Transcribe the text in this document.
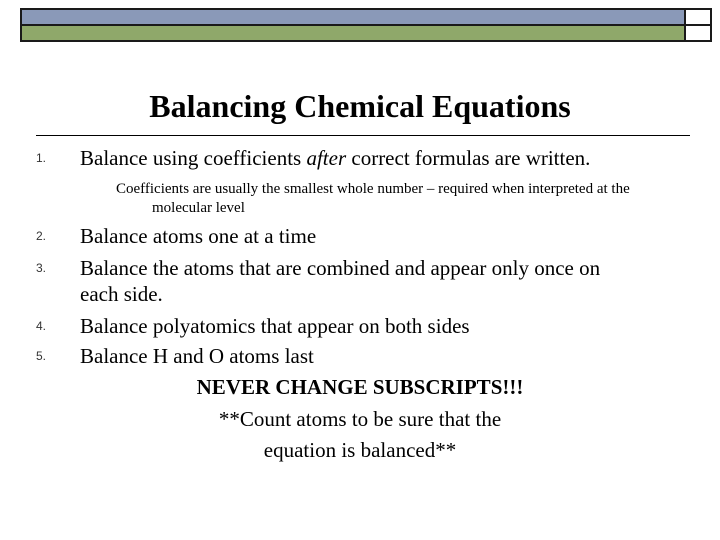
Balancing Chemical Equations
1.	Balance using coefficients after correct formulas are written.
Coefficients are usually the smallest whole number – required when interpreted at the molecular level
2.	Balance atoms one at a time
3.	Balance the atoms that are combined and appear only once on
each side.
4.	Balance polyatomics that appear on both sides
5.	Balance H and O atoms last
NEVER CHANGE SUBSCRIPTS!!!
**Count atoms to be sure that the
equation is balanced**
